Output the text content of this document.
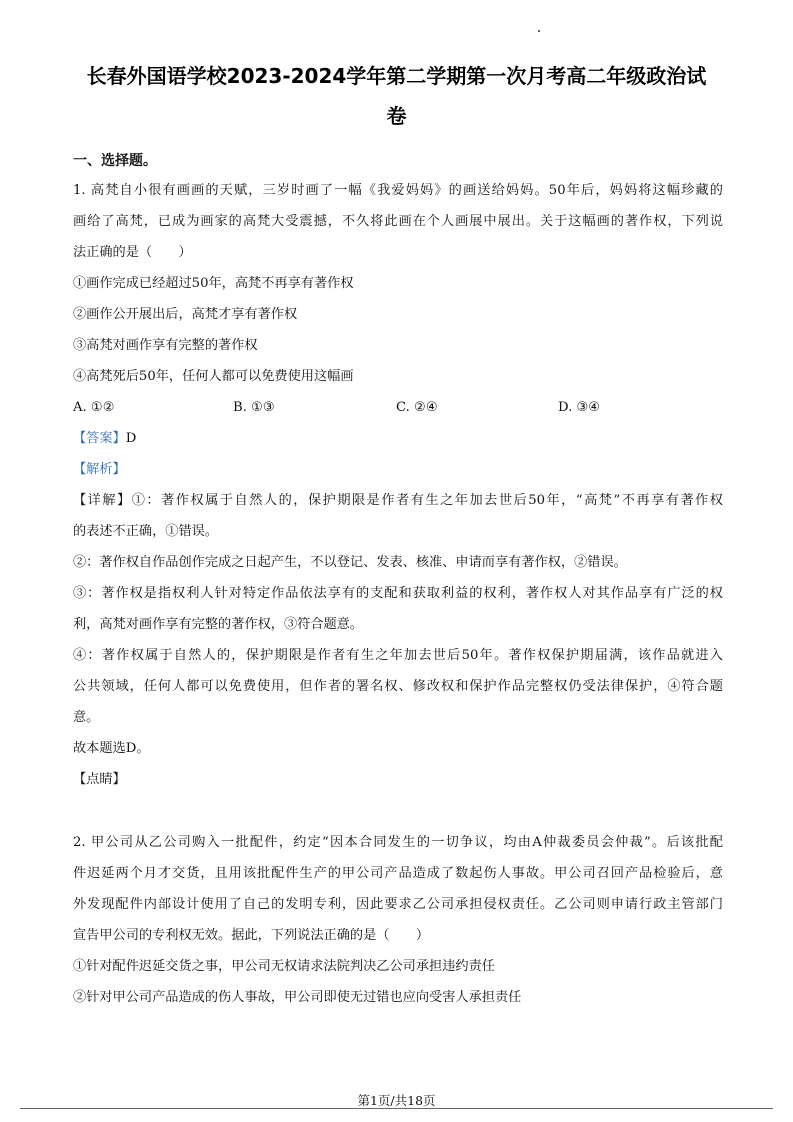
长春外国语学校2023-2024学年第二学期第一次月考高二年级政治试
卷
一、选择题。
1. 高梵自小很有画画的天赋，三岁时画了一幅《我爱妈妈》的画送给妈妈。50年后，妈妈将这幅珍藏的
画给了高梵，已成为画家的高梵大受震撼，不久将此画在个人画展中展出。关于这幅画的著作权，下列说
法正确的是（　　）
①画作完成已经超过50年，高梵不再享有著作权
②画作公开展出后，高梵才享有著作权
③高梵对画作享有完整的著作权
④高梵死后50年，任何人都可以免费使用这幅画
A. ①②	B. ①③	C. ②④	D. ③④
【答案】D
【解析】
【详解】①：著作权属于自然人的，保护期限是作者有生之年加去世后50年，“高梵”不再享有著作权
的表述不正确，①错误。
②：著作权自作品创作完成之日起产生，不以登记、发表、核准、申请而享有著作权，②错误。
③：著作权是指权利人针对特定作品依法享有的支配和获取利益的权利，著作权人对其作品享有广泛的权
利，高梵对画作享有完整的著作权，③符合题意。
④：著作权属于自然人的，保护期限是作者有生之年加去世后50年。著作权保护期届满，该作品就进入
公共领域，任何人都可以免费使用，但作者的署名权、修改权和保护作品完整权仍受法律保护，④符合题
意。
故本题选D。
【点睛】
2. 甲公司从乙公司购入一批配件，约定“因本合同发生的一切争议，均由A仲裁委员会仲裁”。后该批配
件迟延两个月才交货，且用该批配件生产的甲公司产品造成了数起伤人事故。甲公司召回产品检验后，意
外发现配件内部设计使用了自己的发明专利，因此要求乙公司承担侵权责任。乙公司则申请行政主管部门
宣告甲公司的专利权无效。据此，下列说法正确的是（　　）
①针对配件迟延交货之事，甲公司无权请求法院判决乙公司承担违约责任
②针对甲公司产品造成的伤人事故，甲公司即使无过错也应向受害人承担责任
第1页/共18页
